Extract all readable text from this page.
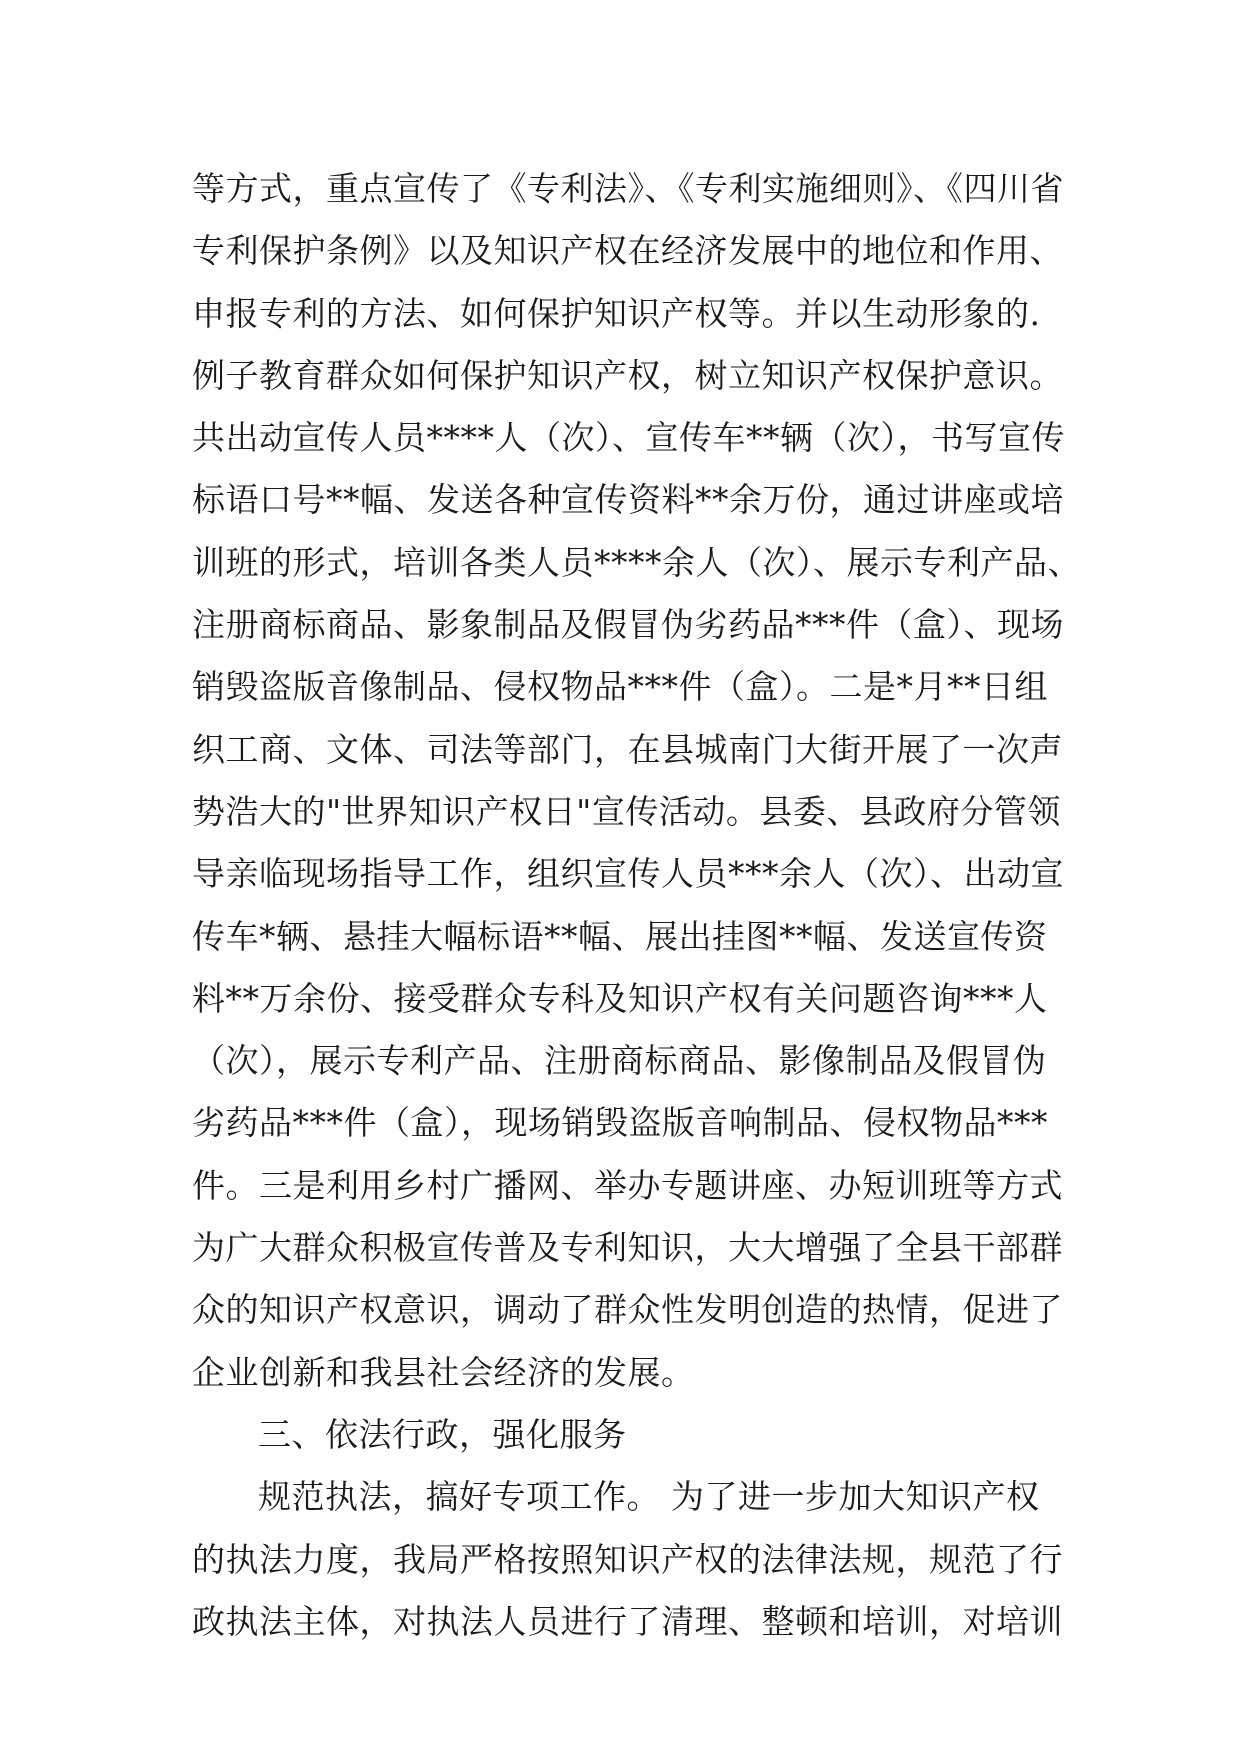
等方式，重点宣传了《专利法》、《专利实施细则》、《四川省
专利保护条例》以及知识产权在经济发展中的地位和作用、
申报专利的方法、如何保护知识产权等。并以生动形象的.
例子教育群众如何保护知识产权，树立知识产权保护意识。
共出动宣传人员****人（次）、宣传车**辆（次），书写宣传
标语口号**幅、发送各种宣传资料**余万份，通过讲座或培
训班的形式，培训各类人员****余人（次）、展示专利产品、
注册商标商品、影象制品及假冒伪劣药品***件（盒）、现场
销毁盗版音像制品、侵权物品***件（盒）。二是*月**日组
织工商、文体、司法等部门，在县城南门大街开展了一次声
势浩大的"世界知识产权日"宣传活动。县委、县政府分管领
导亲临现场指导工作，组织宣传人员***余人（次）、出动宣
传车*辆、悬挂大幅标语**幅、展出挂图**幅、发送宣传资
料**万余份、接受群众专科及知识产权有关问题咨询***人
（次），展示专利产品、注册商标商品、影像制品及假冒伪
劣药品***件（盒），现场销毁盗版音响制品、侵权物品***
件。三是利用乡村广播网、举办专题讲座、办短训班等方式
为广大群众积极宣传普及专利知识，大大增强了全县干部群
众的知识产权意识，调动了群众性发明创造的热情，促进了
企业创新和我县社会经济的发展。
三、依法行政，强化服务
规范执法，搞好专项工作。 为了进一步加大知识产权
的执法力度，我局严格按照知识产权的法律法规，规范了行
政执法主体，对执法人员进行了清理、整顿和培训，对培训
